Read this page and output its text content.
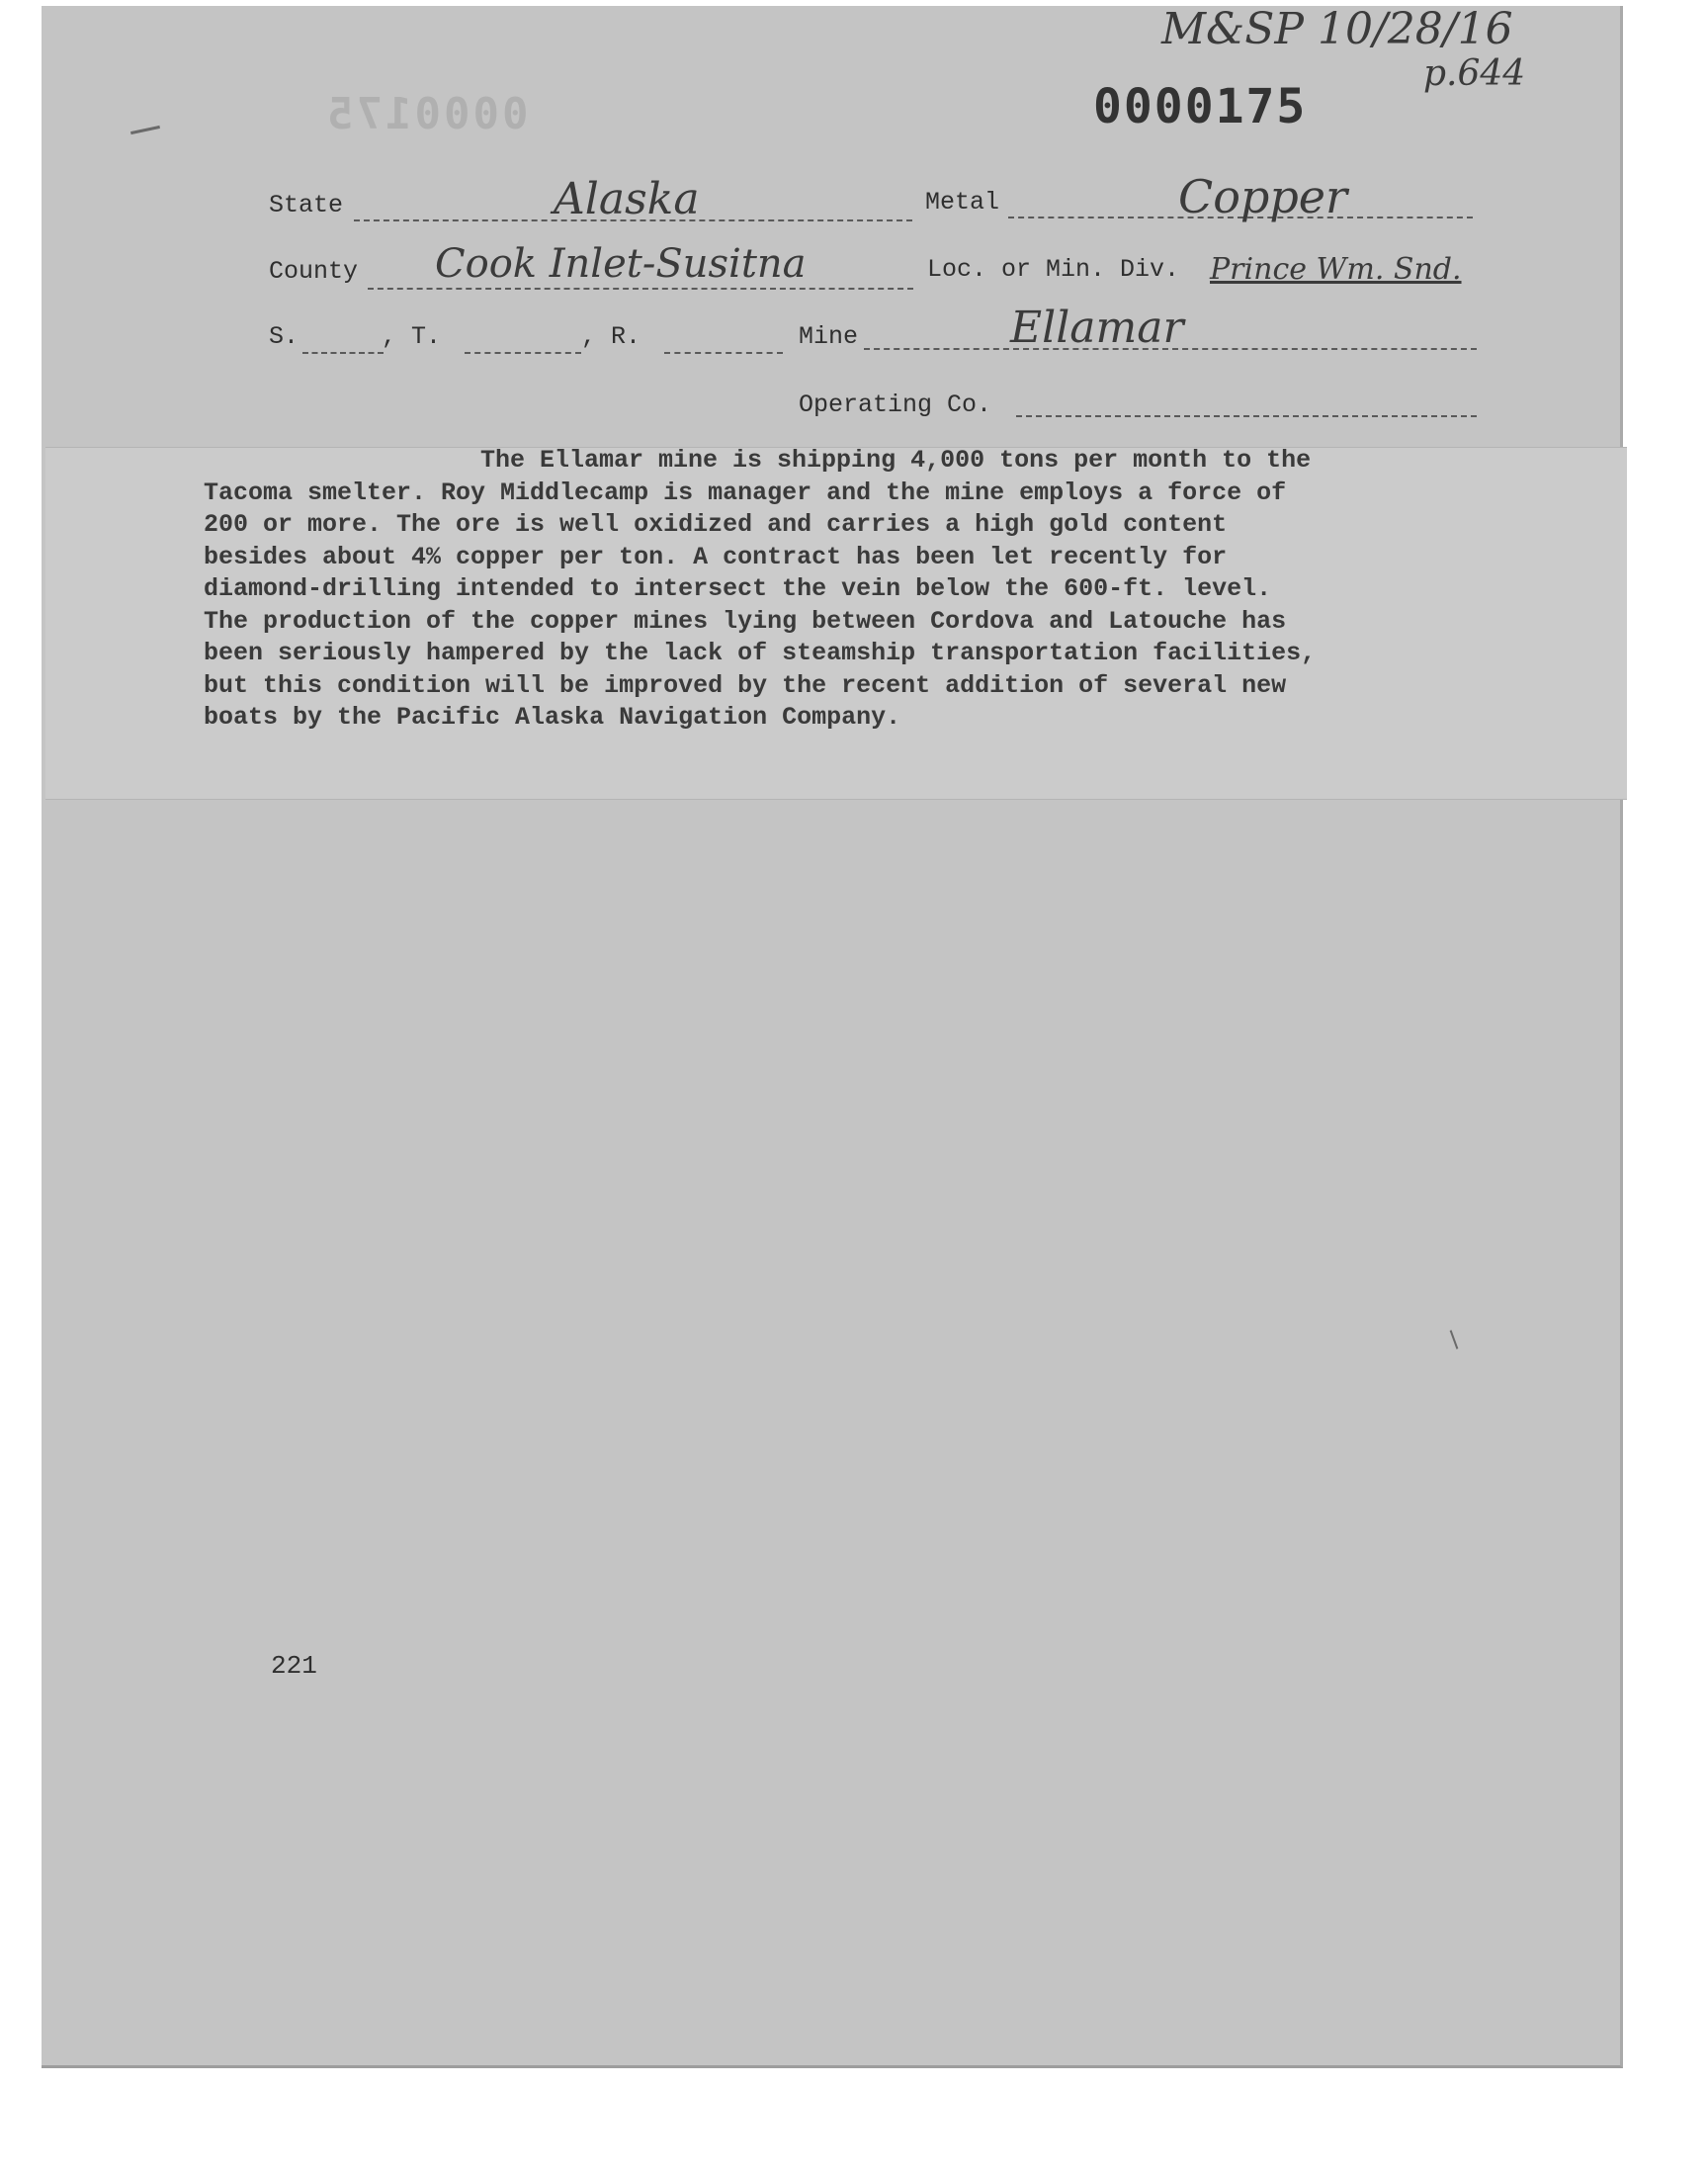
M&SP 10/28/16
p.644
0000175	0000175
State	Alaska	Metal	Copper
County Cook Inlet-Susitna	Loc. or Min. Div. Prince Wm. Snd.
S.	, T.	, R.	Mine	Ellamar
Operating Co.
The Ellamar mine is shipping 4,000 tons per month to the
Tacoma smelter. Roy Middlecamp is manager and the mine employs a force of
200 or more. The ore is well oxidized and carries a high gold content
besides about 4% copper per ton. A contract has been let recently for
diamond-drilling intended to intersect the vein below the 600-ft. level.
The production of the copper mines lying between Cordova and Latouche has
been seriously hampered by the lack of steamship transportation facilities,
but this condition will be improved by the recent addition of several new
boats by the Pacific Alaska Navigation Company.
221
